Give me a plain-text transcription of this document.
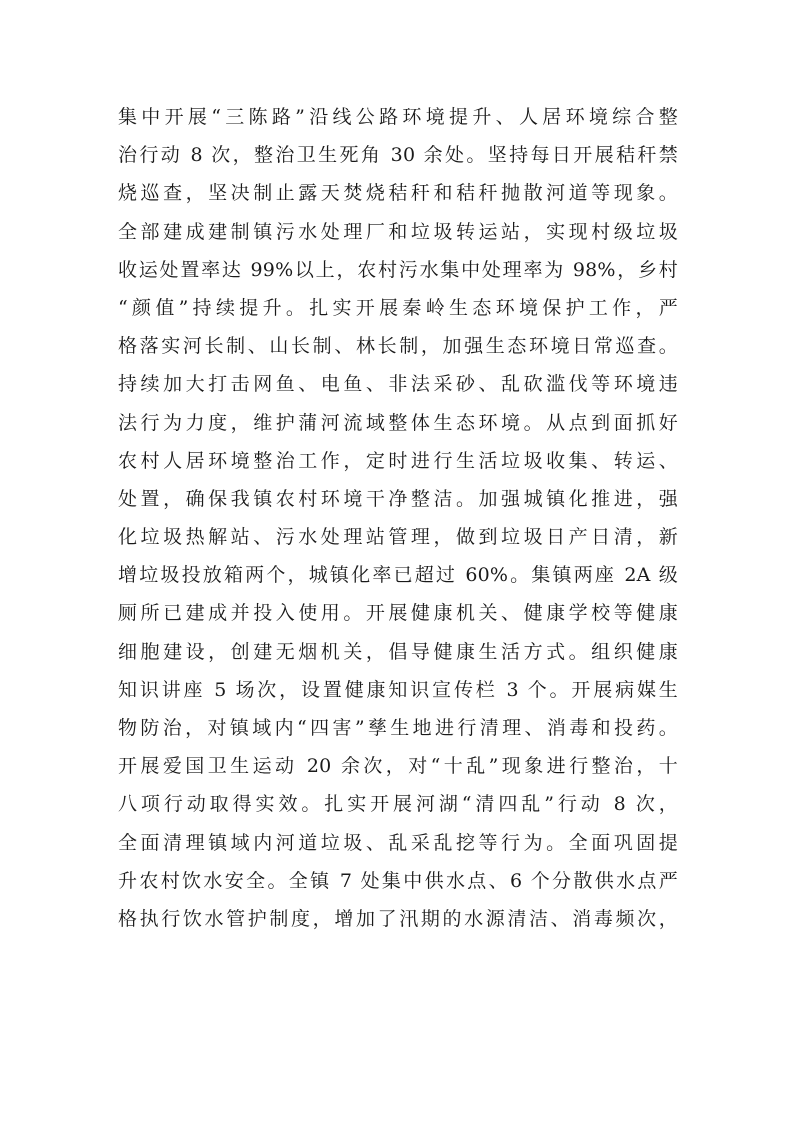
集中开展“三陈路”沿线公路环境提升、人居环境综合整
治行动 8 次，整治卫生死角 30 余处。坚持每日开展秸秆禁
烧巡查，坚决制止露天焚烧秸秆和秸秆抛散河道等现象。
全部建成建制镇污水处理厂和垃圾转运站，实现村级垃圾
收运处置率达 99%以上，农村污水集中处理率为 98%，乡村
“颜值”持续提升。扎实开展秦岭生态环境保护工作，严
格落实河长制、山长制、林长制，加强生态环境日常巡查。
持续加大打击网鱼、电鱼、非法采砂、乱砍滥伐等环境违
法行为力度，维护蒲河流域整体生态环境。从点到面抓好
农村人居环境整治工作，定时进行生活垃圾收集、转运、
处置，确保我镇农村环境干净整洁。加强城镇化推进，强
化垃圾热解站、污水处理站管理，做到垃圾日产日清，新
增垃圾投放箱两个，城镇化率已超过 60%。集镇两座 2A 级
厕所已建成并投入使用。开展健康机关、健康学校等健康
细胞建设，创建无烟机关，倡导健康生活方式。组织健康
知识讲座 5 场次，设置健康知识宣传栏 3 个。开展病媒生
物防治，对镇域内“四害”孳生地进行清理、消毒和投药。
开展爱国卫生运动 20 余次，对“十乱”现象进行整治，十
八项行动取得实效。扎实开展河湖“清四乱”行动 8 次，
全面清理镇域内河道垃圾、乱采乱挖等行为。全面巩固提
升农村饮水安全。全镇 7 处集中供水点、6 个分散供水点严
格执行饮水管护制度，增加了汛期的水源清洁、消毒频次，
